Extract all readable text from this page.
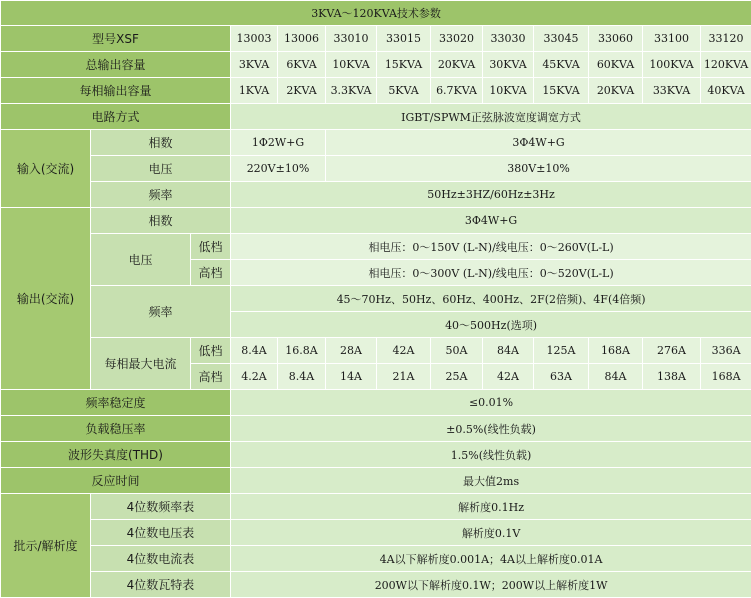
3KVA～120KVA技术参数												
型号XSF			13003	13006	33010	33015	33020	33030	33045	33060	33100	33120
总输出容量			3KVA	6KVA	10KVA	15KVA	20KVA	30KVA	45KVA	60KVA	100KVA	120KVA
每相输出容量			1KVA	2KVA	3.3KVA	5KVA	6.7KVA	10KVA	15KVA	20KVA	33KVA	40KVA
电路方式			IGBT/SPWM正弦脉波宽度调宽方式									
输入(交流)	相数		1Φ2W+G		3Φ4W+G							
	电压		220V±10%		380V±10%							
	频率		50Hz±3HZ/60Hz±3Hz									
输出(交流)	相数		3Φ4W+G									
	电压	低档	相电压：0～150V (L-N)/线电压：0～260V(L-L)									
		高档	相电压：0～300V (L-N)/线电压：0～520V(L-L)									
	频率		45～70Hz、50Hz、60Hz、400Hz、2F(2倍频)、4F(4倍频)									
			40～500Hz(选项)									
	每相最大电流	低档	8.4A	16.8A	28A	42A	50A	84A	125A	168A	276A	336A
		高档	4.2A	8.4A	14A	21A	25A	42A	63A	84A	138A	168A
频率稳定度			≤0.01%									
负载稳压率			±0.5%(线性负载)									
波形失真度(THD)			1.5%(线性负载)									
反应时间			最大值2ms									
批示/解析度	4位数频率表		解析度0.1Hz									
	4位数电压表		解析度0.1V									
	4位数电流表		4A以下解析度0.001A；4A以上解析度0.01A									
	4位数瓦特表		200W以下解析度0.1W；200W以上解析度1W									
